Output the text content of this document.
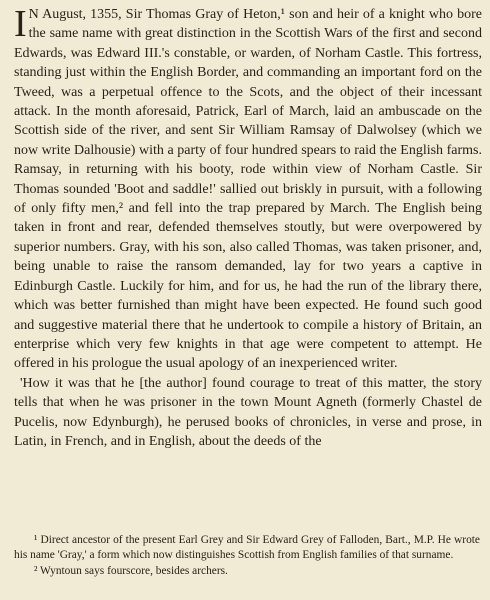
I N August, 1355, Sir Thomas Gray of Heton,¹ son and heir of a knight who bore the same name with great distinction in the Scottish Wars of the first and second Edwards, was Edward III.'s constable, or warden, of Norham Castle. This fortress, standing just within the English Border, and commanding an important ford on the Tweed, was a perpetual offence to the Scots, and the object of their incessant attack. In the month aforesaid, Patrick, Earl of March, laid an ambuscade on the Scottish side of the river, and sent Sir William Ramsay of Dalwolsey (which we now write Dalhousie) with a party of four hundred spears to raid the English farms. Ramsay, in returning with his booty, rode within view of Norham Castle. Sir Thomas sounded 'Boot and saddle!' sallied out briskly in pursuit, with a following of only fifty men,² and fell into the trap prepared by March. The English being taken in front and rear, defended themselves stoutly, but were overpowered by superior numbers. Gray, with his son, also called Thomas, was taken prisoner, and, being unable to raise the ransom demanded, lay for two years a captive in Edinburgh Castle. Luckily for him, and for us, he had the run of the library there, which was better furnished than might have been expected. He found such good and suggestive material there that he undertook to compile a history of Britain, an enterprise which very few knights in that age were competent to attempt. He offered in his prologue the usual apology of an inexperienced writer.

'How it was that he [the author] found courage to treat of this matter, the story tells that when he was prisoner in the town Mount Agneth (formerly Chastel de Pucelis, now Edynburgh), he perused books of chronicles, in verse and prose, in Latin, in French, and in English, about the deeds of the

¹ Direct ancestor of the present Earl Grey and Sir Edward Grey of Falloden, Bart., M.P. He wrote his name 'Gray,' a form which now distinguishes Scottish from English families of that surname.

² Wyntoun says fourscore, besides archers.
